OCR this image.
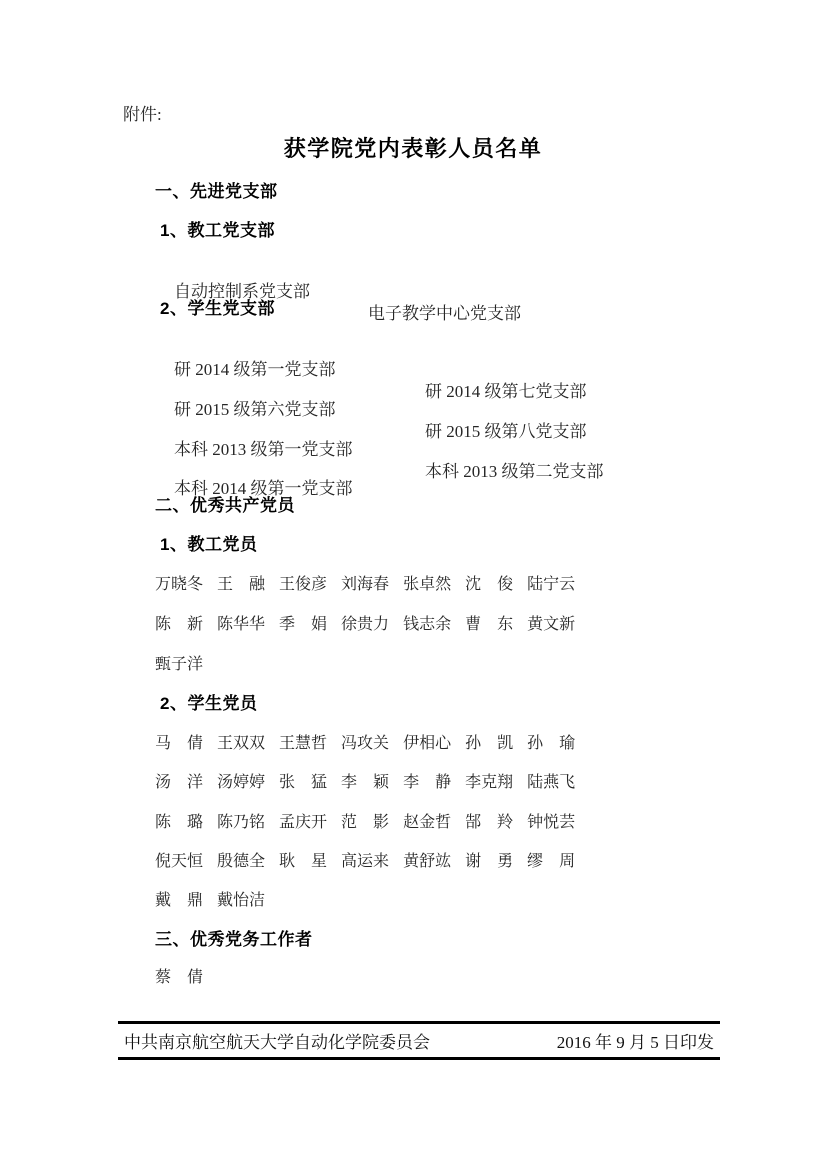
附件:
获学院党内表彰人员名单
一、先进党支部
1、教工党支部

自动控制系党支部

电子教学中心党支部

2、学生党支部

研 2014 级第一党支部

研 2014 级第七党支部

研 2015 级第六党支部

研 2015 级第八党支部

本科 2013 级第一党支部

本科 2013 级第二党支部

本科 2014 级第一党支部

二、优秀共产党员
1、教工党员
万晓冬 王　融 王俊彦 刘海春 张卓然 沈　俊 陆宁云
陈　新 陈华华 季　娟 徐贵力 钱志余 曹　东 黄文新
甄子洋
2、学生党员
马　倩 王双双 王慧哲 冯攻关 伊相心 孙　凯 孙　瑜
汤　洋 汤婷婷 张　猛 李　颖 李　静 李克翔 陆燕飞
陈　璐 陈乃铭 孟庆开 范　影 赵金哲 郜　羚 钟悦芸
倪天恒 殷德全 耿　星 高运来 黄舒竑 谢　勇 缪　周
戴　鼎 戴怡洁
三、优秀党务工作者
蔡　倩
中共南京航空航天大学自动化学院委员会	2016 年 9 月 5 日印发
